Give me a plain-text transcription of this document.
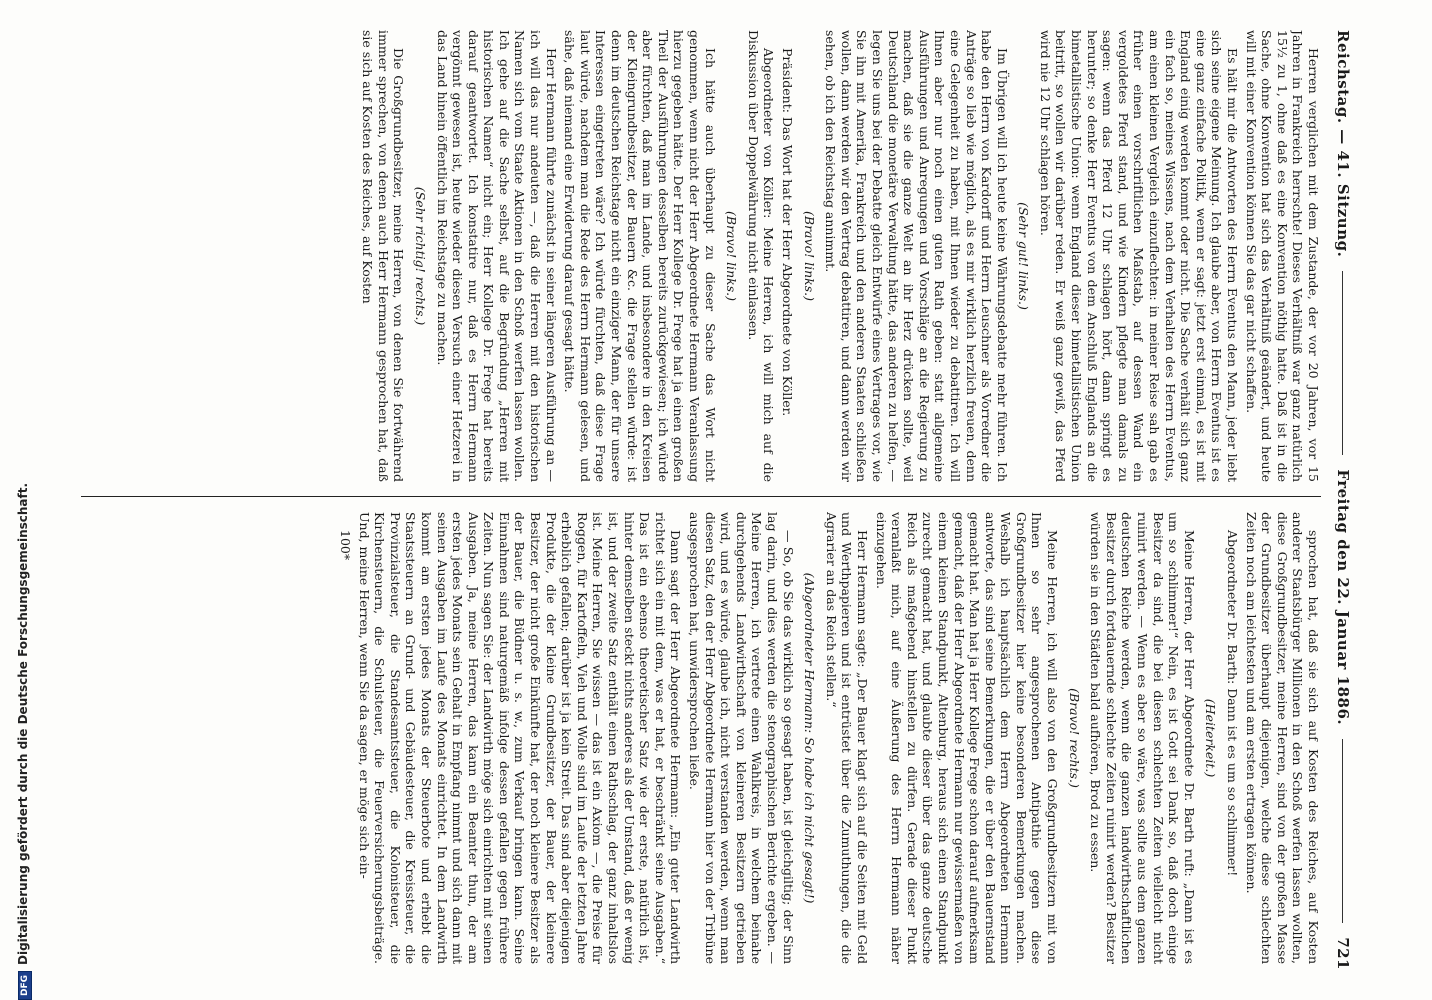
Reichstag. — 41. Sitzung.
Freitag den 22. Januar 1886.
721

Herren verglichen mit dem Zustande, der vor 20 Jahren, vor 15 Jahren in Frankreich herrschte! Dieses Verhältniß war ganz natürlich 15½ zu 1, ohne daß es eine Konvention nöthig hatte. Daß ist in die Sache, ohne Konvention hat sich das Verhältniß geändert, und heute will mit einer Konvention können Sie das gar nicht schaffen.

Es hält mir die Antworten des Herrn Eventus den Mann, jeder liebt sich seine eigene Meinung. Ich glaube aber, von Herrn Eventus ist es eine ganz einfache Politik, wenn er sagt: jetzt erst einmal, es ist mit England einig werden kommt oder nicht. Die Sache verhält sich ganz ein fach so, meines Wissens, nach dem Verhalten des Herrn Eventus, am einen kleinen Vergleich einzuflechten: in meiner Reise sah gab es früher einen vorschriftlichen Maßstab, auf dessen Wand ein vergoldetes Pferd stand, und wie Kindern pflegte man damals zu sagen: wenn das Pferd 12 Uhr schlagen hört, dann springt es herunter; so denke Herr Eventus von dem Anschluß Englands an die bimetallistische Union: wenn England dieser bimetallistischen Union beitritt, so wollen wir darüber reden. Er weiß ganz gewiß, das Pferd wird nie 12 Uhr schlagen hören.

(Sehr gut! links.)

Im Übrigen will ich heute keine Währungsdebatte mehr führen. Ich habe den Herrn von Kardorff und Herrn Leuschner als Vorredner die Anträge so lieb wie möglich, als es mir wirklich herzlich freuen, denn eine Gelegenheit zu haben, mit Ihnen wieder zu debattiren. Ich will Ihnen aber nur noch einen guten Rath geben: statt allgemeine Ausführungen und Anregungen und Vorschläge an die Regierung zu machen, daß sie die ganze Welt an ihr Herz drücken sollte, weil Deutschland die monetäre Verwaltung hätte, das anderen zu helfen, — legen Sie uns bei der Debatte gleich Entwürfe eines Vertrages vor, wie Sie ihn mit Amerika, Frankreich und den anderen Staaten schließen wollen, dann werden wir den Vertrag debattiren, und dann werden wir sehen, ob ich den Reichstag annimmt.

(Bravo! links.)

Präsident: Das Wort hat der Herr Abgeordnete von Köller.

Abgeordneter von Köller: Meine Herren, ich will mich auf die Diskussion über Doppelwährung nicht einlassen.

(Bravo! links.)

Ich hätte auch überhaupt zu dieser Sache das Wort nicht genommen, wenn nicht der Herr Abgeordnete Hermann Veranlassung hierzu gegeben hätte. Der Herr Kollege Dr. Frege hat ja einen großen Theil der Ausführungen desselben bereits zurückgewiesen; ich würde aber fürchten, daß man im Lande, und insbesondere in den Kreisen der Kleingrundbesitzer, der Bauern &c. die Frage stellen würde: ist denn im deutschen Reichstage nicht ein einziger Mann, der für unsere Interessen eingetreten wäre? Ich würde fürchten, daß diese Frage laut würde, nachdem man die Rede des Herrn Hermann gelesen, und sähe, daß niemand eine Erwiderung darauf gesagt hätte.

Herr Hermann führte zunächst in seiner längeren Ausführung an — ich will das nur andeuten —, daß die Herren mit den historischen Namen sich vom Staate Aktionen in den Schoß werfen lassen wollen. Ich gehe auf die Sache selbst, auf die Begründung „Herren mit historischen Namen“ nicht ein; Herr Kollege Dr. Frege hat bereits darauf geantwortet. Ich konstatire nur, daß es Herrn Hermann vergönnt gewesen ist, heute wieder diesen Versuch einer Hetzerei in das Land hinein öffentlich im Reichstage zu machen.

(Sehr richtig! rechts.)

Die Großgrundbesitzer, meine Herren, von denen Sie fortwährend immer sprechen, von denen auch Herr Hermann gesprochen hat, daß sie sich auf Kosten des Reiches, auf Kosten

sprochen hat, daß sie sich auf Kosten des Reiches, auf Kosten anderer Staatsbürger Millionen in den Schoß werfen lassen wollten, diese Großgrundbesitzer, meine Herren, sind von der großen Masse der Grundbesitzer überhaupt diejenigen, welche diese schlechten Zeiten noch am leichtesten und am ersten ertragen können.

Abgeordneter Dr. Barth: Dann ist es um so schlimmer!

(Heiterkeit.)

Meine Herren, der Herr Abgeordnete Dr. Barth ruft: „Dann ist es um so schlimmer!“ Nein, es ist Gott sei Dank so, daß doch einige Besitzer da sind, die bei diesen schlechten Zeiten vielleicht nicht ruinirt werden. — Wenn es aber so wäre, was sollte aus dem ganzen deutschen Reiche werden, wenn die ganzen landwirthschaftlichen Besitzer durch fortdauernde schlechte Zeiten ruinirt werden? Besitzer würden sie in den Städten bald aufhören, Brod zu essen.

(Bravo! rechts.)

Meine Herren, ich will also von den Großgrundbesitzern mit von Ihnen so sehr angesprochenen Antipathie gegen diese Großgrundbesitzer hier keine besonderen Bemerkungen machen. Weshalb ich hauptsächlich dem Herrn Abgeordneten Hermann antworte, das sind seine Bemerkungen, die er über den Bauernstand gemacht hat. Man hat ja Herr Kollege Frege schon darauf aufmerksam gemacht, daß der Herr Abgeordnete Hermann nur gewissermaßen von einem kleinen Standpunkt, Altenburg, heraus sich einen Standpunkt zurecht gemacht hat, und glaubte dieser über das ganze deutsche Reich als maßgebend hinstellen zu dürfen. Gerade dieser Punkt veranlaßt mich, auf eine Äußerung des Herrn Hermann näher einzugehen.

Herr Hermann sagte: „Der Bauer klagt sich auf die Seiten mit Geld und Werthpapieren und ist entrüstet über die Zumuthungen, die die Agrarier an das Reich stellen.“

(Abgeordneter Hermann: So habe ich nicht gesagt!)

— So, ob Sie das wirklich so gesagt haben, ist gleichgiltig; der Sinn lag darin, und dies werden die stenographischen Berichte ergeben. — Meine Herren, ich vertrete einen Wahlkreis, in welchem beinahe durchgehends Landwirthschaft von kleineren Besitzern getrieben wird, und es würde, glaube ich, nicht verstanden werden, wenn man diesen Satz, den der Herr Abgeordnete Hermann hier von der Tribüne ausgesprochen hat, unwidersprochen ließe.

Dann sagt der Herr Abgeordnete Hermann: „Ein guter Landwirth richtet sich ein mit dem, was er hat, er beschränkt seine Ausgaben.“ Das ist ein ebenso theoretischer Satz wie der erste, natürlich ist, hinter demselben steckt nichts anderes als der Umstand, daß er wenig ist, und der zweite Satz enthält einen Rathschlag, der ganz inhaltslos ist. Meine Herren, Sie wissen — das ist ein Axiom —, die Preise für Roggen, für Kartoffeln, Vieh und Wolle sind im Laufe der letzten Jahre erheblich gefallen; darüber ist ja kein Streit. Das sind aber diejenigen Produkte, die der kleine Grundbesitzer, der Bauer, der kleinere Besitzer, der nicht große Einkünfte hat, der noch kleinere Besitzer als der Bauer, die Büdner u. s. w., zum Verkauf bringen kann. Seine Einnahmen sind naturgemäß infolge dessen gefallen gegen frühere Zeiten. Nun sagen Sie: der Landwirth möge sich einrichten mit seinen Ausgaben. Ja, meine Herren, das kann ein Beamter thun, der am ersten jedes Monats sein Gehalt in Empfang nimmt und sich dann mit seinen Ausgaben im Laufe des Monats einrichtet. In dem Landwirth kommt am ersten jedes Monats der Steuerbote und erhebt die Staatssteuern an Grund- und Gebäudesteuer, die Kreissteuer, die Provinzialsteuer, die Standesamtssteuer, die Kolonisteuer, die Kirchensteuern, die Schulsteuer, die Feuerversicherungsbeiträge. Und, meine Herren, wenn Sie da sagen, er möge sich ein-

100*

DFGDigitalisierung gefördert durch die Deutsche Forschungsgemeinschaft.
